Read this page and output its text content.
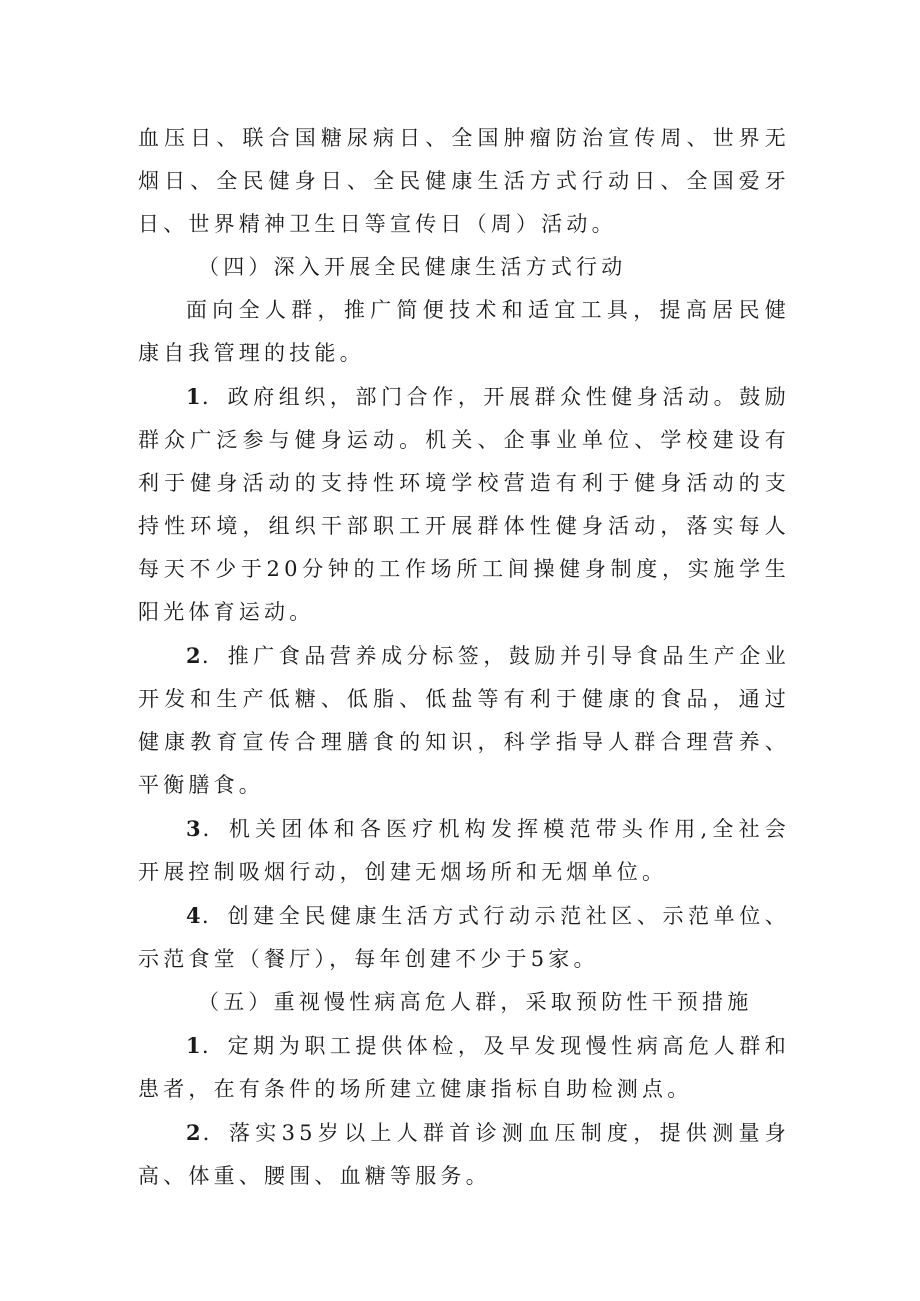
血压日、联合国糖尿病日、全国肿瘤防治宣传周、世界无烟日、全民健身日、全民健康生活方式行动日、全国爱牙日、世界精神卫生日等宣传日（周）活动。

（四）深入开展全民健康生活方式行动

面向全人群，推广简便技术和适宜工具，提高居民健康自我管理的技能。

1．政府组织，部门合作，开展群众性健身活动。鼓励群众广泛参与健身运动。机关、企事业单位、学校建设有利于健身活动的支持性环境学校营造有利于健身活动的支持性环境，组织干部职工开展群体性健身活动，落实每人每天不少于20分钟的工作场所工间操健身制度，实施学生阳光体育运动。

2．推广食品营养成分标签，鼓励并引导食品生产企业开发和生产低糖、低脂、低盐等有利于健康的食品，通过健康教育宣传合理膳食的知识，科学指导人群合理营养、平衡膳食。

3．机关团体和各医疗机构发挥模范带头作用,全社会开展控制吸烟行动，创建无烟场所和无烟单位。

4．创建全民健康生活方式行动示范社区、示范单位、示范食堂（餐厅），每年创建不少于5家。

（五）重视慢性病高危人群，采取预防性干预措施

1．定期为职工提供体检，及早发现慢性病高危人群和患者，在有条件的场所建立健康指标自助检测点。

2．落实35岁以上人群首诊测血压制度，提供测量身高、体重、腰围、血糖等服务。
